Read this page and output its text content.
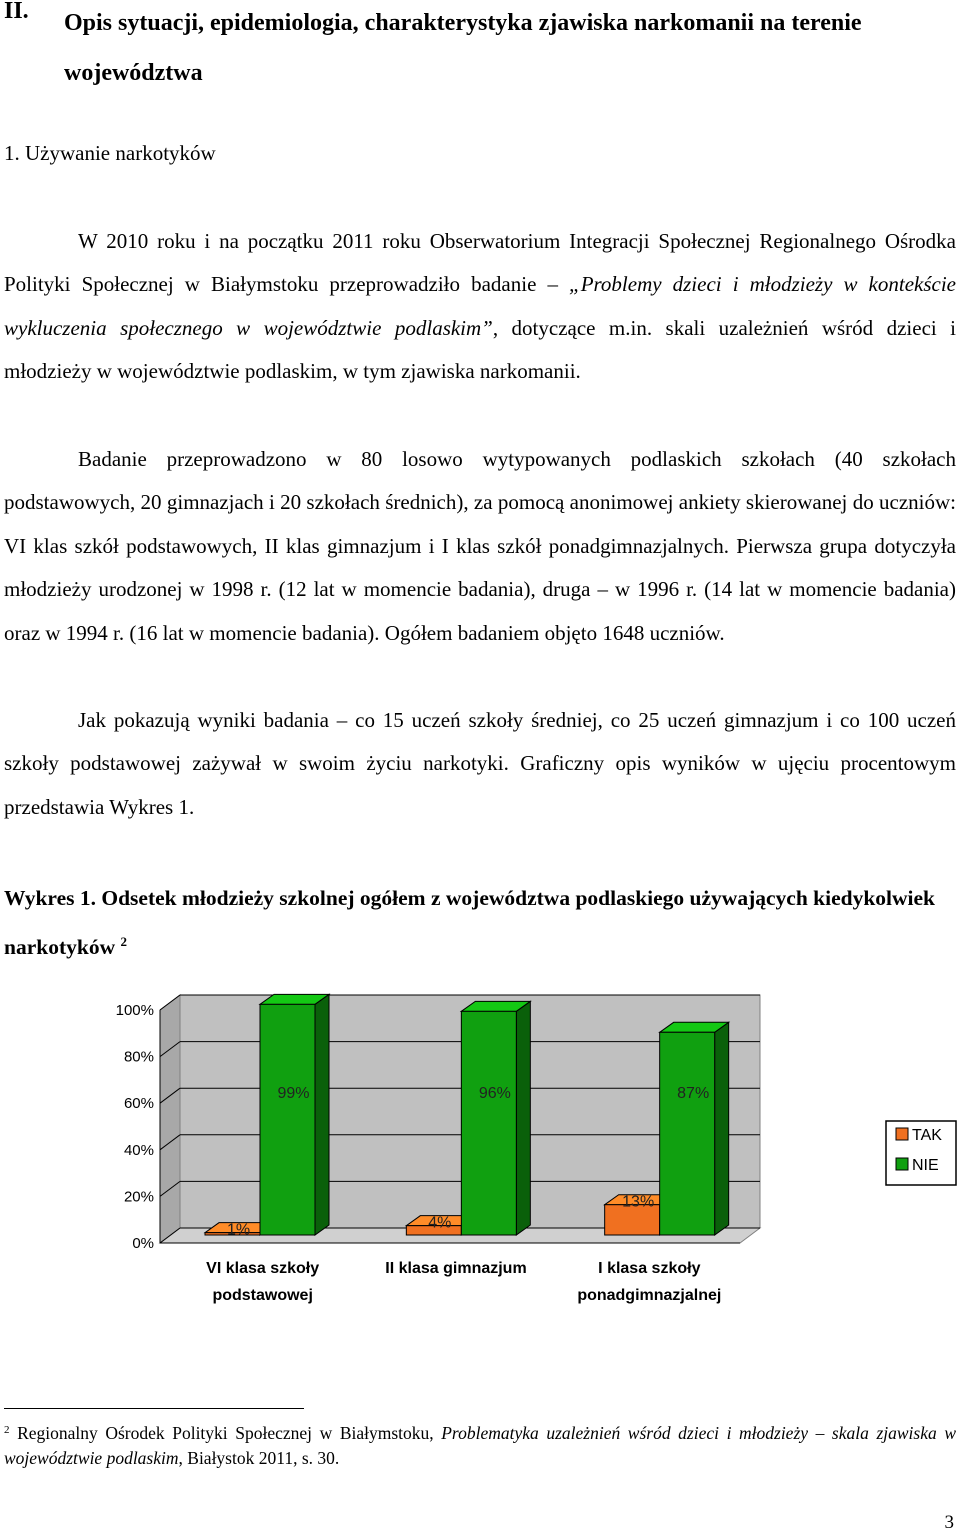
II. Opis sytuacji, epidemiologia, charakterystyka zjawiska narkomanii na terenie województwa
1. Używanie narkotyków

W 2010 roku i na początku 2011 roku Obserwatorium Integracji Społecznej Regionalnego Ośrodka Polityki Społecznej w Białymstoku przeprowadziło badanie – „Problemy dzieci i młodzieży w kontekście wykluczenia społecznego w województwie podlaskim”, dotyczące m.in. skali uzależnień wśród dzieci i młodzieży w województwie podlaskim, w tym zjawiska narkomanii.

Badanie przeprowadzono w 80 losowo wytypowanych podlaskich szkołach (40 szkołach podstawowych, 20 gimnazjach i 20 szkołach średnich), za pomocą anonimowej ankiety skierowanej do uczniów: VI klas szkół podstawowych, II klas gimnazjum i I klas szkół ponadgimnazjalnych. Pierwsza grupa dotyczyła młodzieży urodzonej w 1998 r. (12 lat w momencie badania), druga – w 1996 r. (14 lat w momencie badania) oraz w 1994 r. (16 lat w momencie badania). Ogółem badaniem objęto 1648 uczniów.

Jak pokazują wyniki badania – co 15 uczeń szkoły średniej, co 25 uczeń gimnazjum i co 100 uczeń szkoły podstawowej zażywał w swoim życiu narkotyki. Graficzny opis wyników w ujęciu procentowym przedstawia Wykres 1.

Wykres 1. Odsetek młodzieży szkolnej ogółem z województwa podlaskiego używających kiedykolwiek narkotyków $^2$
0%
20%
40%
60%
80%
100%
1%
99%
VI klasa szkoły
podstawowej
4%
96%
II klasa gimnazjum
13%
87%
I klasa szkoły
ponadgimnazjalnej
TAK
NIE
$^2$ Regionalny Ośrodek Polityki Społecznej w Białymstoku, Problematyka uzależnień wśród dzieci i młodzieży – skala zjawiska w województwie podlaskim, Białystok 2011, s. 30.
3
